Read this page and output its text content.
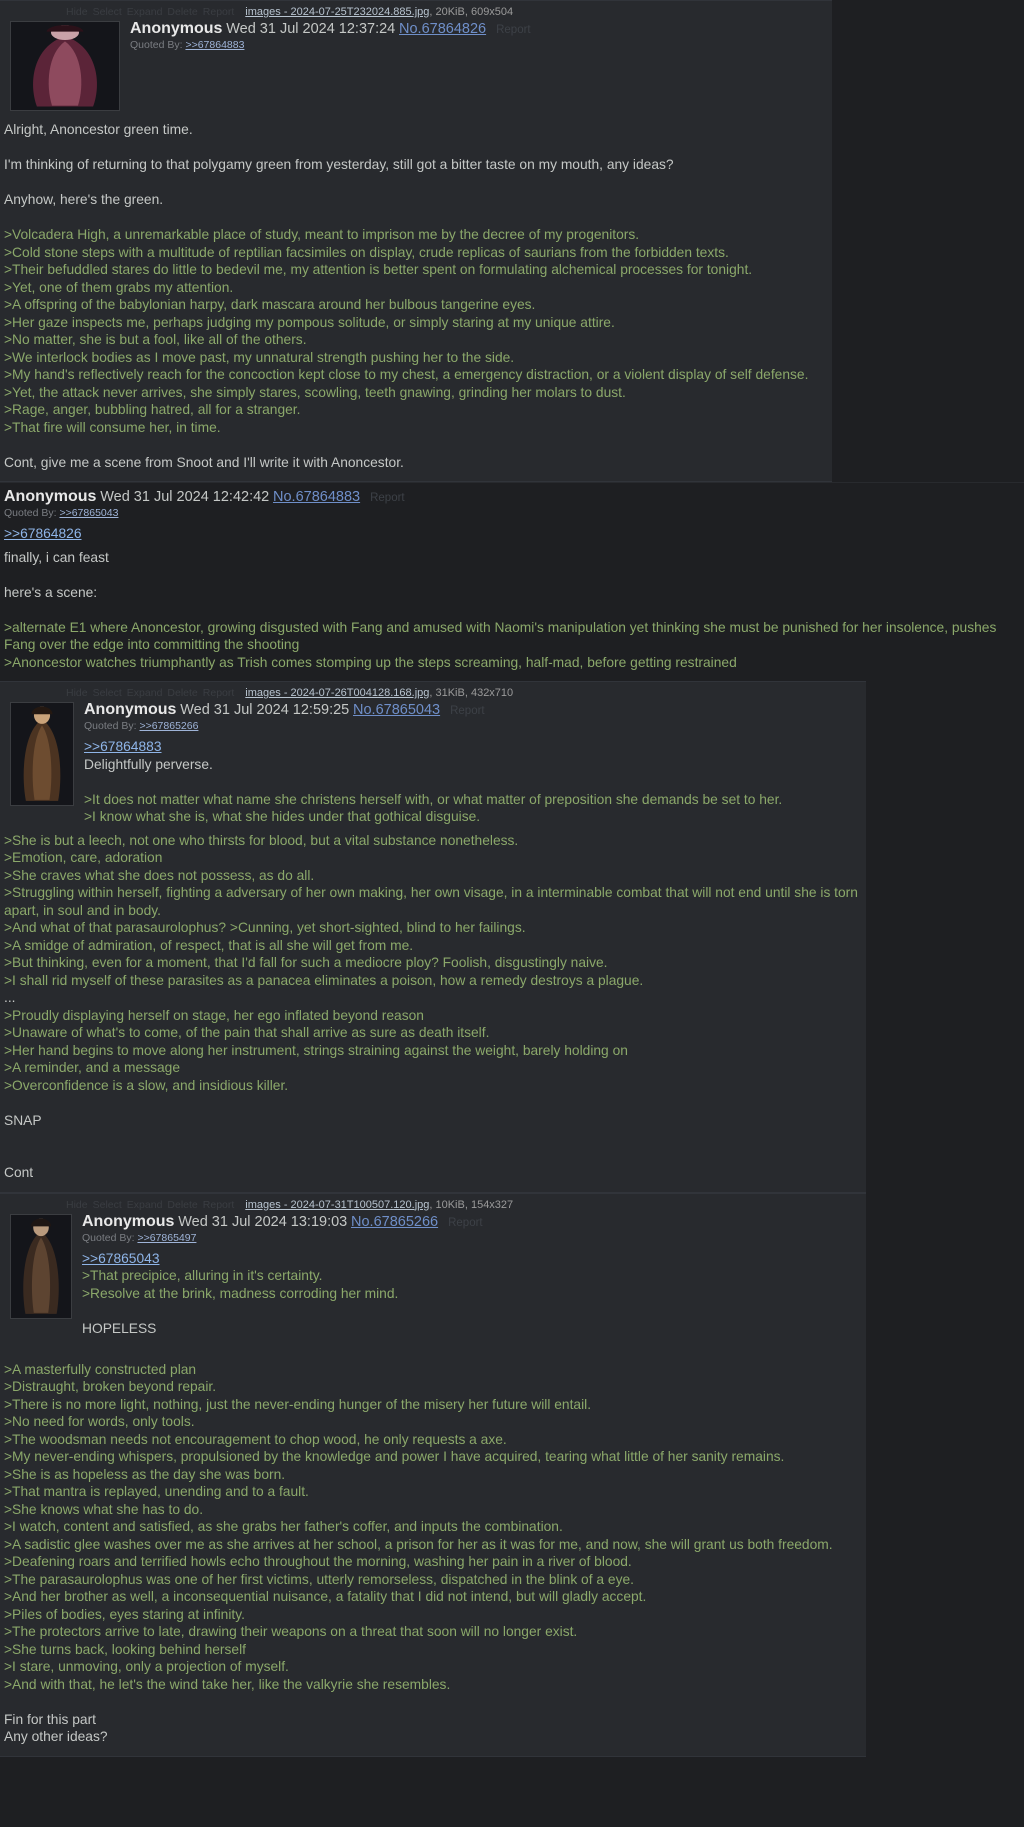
Hide Select Expand Delete Report images - 2024-07-25T232024.885.jpg, 20KiB, 609x504
Anonymous Wed 31 Jul 2024 12:37:24 No.67864826 Report
Quoted By: >>67864883
Alright, Anoncestor green time.

I'm thinking of returning to that polygamy green from yesterday, still got a bitter taste on my mouth, any ideas?

Anyhow, here's the green.

>Volcadera High, a unremarkable place of study, meant to imprison me by the decree of my progenitors.
>Cold stone steps with a multitude of reptilian facsimiles on display, crude replicas of saurians from the forbidden texts.
>Their befuddled stares do little to bedevil me, my attention is better spent on formulating alchemical processes for tonight.
>Yet, one of them grabs my attention.
>A offspring of the babylonian harpy, dark mascara around her bulbous tangerine eyes.
>Her gaze inspects me, perhaps judging my pompous solitude, or simply staring at my unique attire.
>No matter, she is but a fool, like all of the others.
>We interlock bodies as I move past, my unnatural strength pushing her to the side.
>My hand's reflectively reach for the concoction kept close to my chest, a emergency distraction, or a violent display of self defense.
>Yet, the attack never arrives, she simply stares, scowling, teeth gnawing, grinding her molars to dust.
>Rage, anger, bubbling hatred, all for a stranger.
>That fire will consume her, in time.

Cont, give me a scene from Snoot and I'll write it with Anoncestor.
Anonymous Wed 31 Jul 2024 12:42:42 No.67864883 Report
Quoted By: >>67865043
>>67864826
finally, i can feast

here's a scene:

>alternate E1 where Anoncestor, growing disgusted with Fang and amused with Naomi's manipulation yet thinking she must be punished for her insolence, pushes Fang over the edge into committing the shooting
>Anoncestor watches triumphantly as Trish comes stomping up the steps screaming, half-mad, before getting restrained
Hide Select Expand Delete Report images - 2024-07-26T004128.168.jpg, 31KiB, 432x710
Anonymous Wed 31 Jul 2024 12:59:25 No.67865043 Report
Quoted By: >>67865266
>>67864883
Delightfully perverse.

>It does not matter what name she christens herself with, or what matter of preposition she demands be set to her.
>I know what she is, what she hides under that gothical disguise.
>She is but a leech, not one who thirsts for blood, but a vital substance nonetheless.
>Emotion, care, adoration
>She craves what she does not possess, as do all.
>Struggling within herself, fighting a adversary of her own making, her own visage, in a interminable combat that will not end until she is torn apart, in soul and in body.
>And what of that parasaurolophus? >Cunning, yet short-sighted, blind to her failings.
>A smidge of admiration, of respect, that is all she will get from me.
>But thinking, even for a moment, that I'd fall for such a mediocre ploy? Foolish, disgustingly naive.
>I shall rid myself of these parasites as a panacea eliminates a poison, how a remedy destroys a plague.
...
>Proudly displaying herself on stage, her ego inflated beyond reason
>Unaware of what's to come, of the pain that shall arrive as sure as death itself.
>Her hand begins to move along her instrument, strings straining against the weight, barely holding on
>A reminder, and a message
>Overconfidence is a slow, and insidious killer.

SNAP

Cont
Hide Select Expand Delete Report images - 2024-07-31T100507.120.jpg, 10KiB, 154x327
Anonymous Wed 31 Jul 2024 13:19:03 No.67865266 Report
Quoted By: >>67865497
>>67865043
>That precipice, alluring in it's certainty.
>Resolve at the brink, madness corroding her mind.

HOPELESS

>A masterfully constructed plan
>Distraught, broken beyond repair.
>There is no more light, nothing, just the never-ending hunger of the misery her future will entail.
>No need for words, only tools.
>The woodsman needs not encouragement to chop wood, he only requests a axe.
>My never-ending whispers, propulsioned by the knowledge and power I have acquired, tearing what little of her sanity remains.
>She is as hopeless as the day she was born.
>That mantra is replayed, unending and to a fault.
>She knows what she has to do.
>I watch, content and satisfied, as she grabs her father's coffer, and inputs the combination.
>A sadistic glee washes over me as she arrives at her school, a prison for her as it was for me, and now, she will grant us both freedom.
>Deafening roars and terrified howls echo throughout the morning, washing her pain in a river of blood.
>The parasaurolophus was one of her first victims, utterly remorseless, dispatched in the blink of a eye.
>And her brother as well, a inconsequential nuisance, a fatality that I did not intend, but will gladly accept.
>Piles of bodies, eyes staring at infinity.
>The protectors arrive to late, drawing their weapons on a threat that soon will no longer exist.
>She turns back, looking behind herself
>I stare, unmoving, only a projection of myself.
>And with that, he let's the wind take her, like the valkyrie she resembles.

Fin for this part
Any other ideas?
